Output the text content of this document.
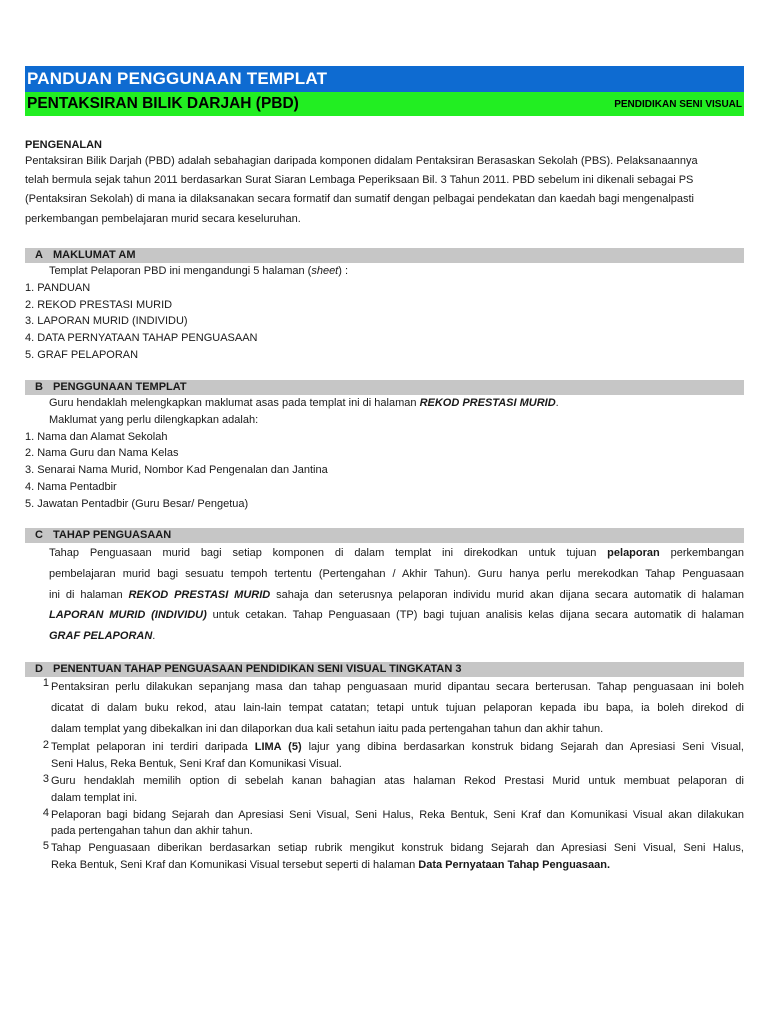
PANDUAN PENGGUNAAN TEMPLAT
PENTAKSIRAN BILIK DARJAH (PBD)	PENDIDIKAN SENI VISUAL
PENGENALAN

Pentaksiran Bilik Darjah (PBD) adalah sebahagian daripada komponen didalam Pentaksiran Berasaskan Sekolah (PBS). Pelaksanaannya

telah bermula sejak tahun 2011 berdasarkan Surat Siaran Lembaga Peperiksaan Bil. 3 Tahun 2011. PBD sebelum ini dikenali sebagai PS

(Pentaksiran Sekolah) di mana ia dilaksanakan secara formatif dan sumatif dengan pelbagai pendekatan dan kaedah bagi mengenalpasti

perkembangan pembelajaran murid secara keseluruhan.

A MAKLUMAT AM

Templat Pelaporan PBD ini mengandungi 5 halaman (sheet) :

1. PANDUAN

2. REKOD PRESTASI MURID

3. LAPORAN MURID (INDIVIDU)

4. DATA PERNYATAAN TAHAP PENGUASAAN

5. GRAF PELAPORAN

B PENGGUNAAN TEMPLAT

Guru hendaklah melengkapkan maklumat asas pada templat ini di halaman REKOD PRESTASI MURID.

Maklumat yang perlu dilengkapkan adalah:

1. Nama dan Alamat Sekolah

2. Nama Guru dan Nama Kelas

3. Senarai Nama Murid, Nombor Kad Pengenalan dan Jantina

4. Nama Pentadbir

5. Jawatan Pentadbir (Guru Besar/ Pengetua)

C TAHAP PENGUASAAN

Tahap Penguasaan murid bagi setiap komponen di dalam templat ini direkodkan untuk tujuan pelaporan perkembangan

pembelajaran murid bagi sesuatu tempoh tertentu (Pertengahan / Akhir Tahun). Guru hanya perlu merekodkan Tahap Penguasaan

ini di halaman REKOD PRESTASI MURID sahaja dan seterusnya pelaporan individu murid akan dijana secara automatik di halaman

LAPORAN MURID (INDIVIDU) untuk cetakan. Tahap Penguasaan (TP) bagi tujuan analisis kelas dijana secara automatik di halaman

GRAF PELAPORAN.

D PENENTUAN TAHAP PENGUASAAN PENDIDIKAN SENI VISUAL TINGKATAN 3
1 Pentaksiran perlu dilakukan sepanjang masa dan tahap penguasaan murid dipantau secara berterusan. Tahap penguasaan ini boleh

dicatat di dalam buku rekod, atau lain-lain tempat catatan; tetapi untuk tujuan pelaporan kepada ibu bapa, ia boleh direkod di

dalam templat yang dibekalkan ini dan dilaporkan dua kali setahun iaitu pada pertengahan tahun dan akhir tahun.

2 Templat pelaporan ini terdiri daripada LIMA (5) lajur yang dibina berdasarkan konstruk bidang Sejarah dan Apresiasi Seni Visual,

Seni Halus, Reka Bentuk, Seni Kraf dan Komunikasi Visual.

3 Guru hendaklah memilih option di sebelah kanan bahagian atas halaman Rekod Prestasi Murid untuk membuat pelaporan di

dalam templat ini.

4 Pelaporan bagi bidang Sejarah dan Apresiasi Seni Visual, Seni Halus, Reka Bentuk, Seni Kraf dan Komunikasi Visual akan dilakukan

pada pertengahan tahun dan akhir tahun.

5 Tahap Penguasaan diberikan berdasarkan setiap rubrik mengikut konstruk bidang Sejarah dan Apresiasi Seni Visual, Seni Halus,

Reka Bentuk, Seni Kraf dan Komunikasi Visual tersebut seperti di halaman Data Pernyataan Tahap Penguasaan.
